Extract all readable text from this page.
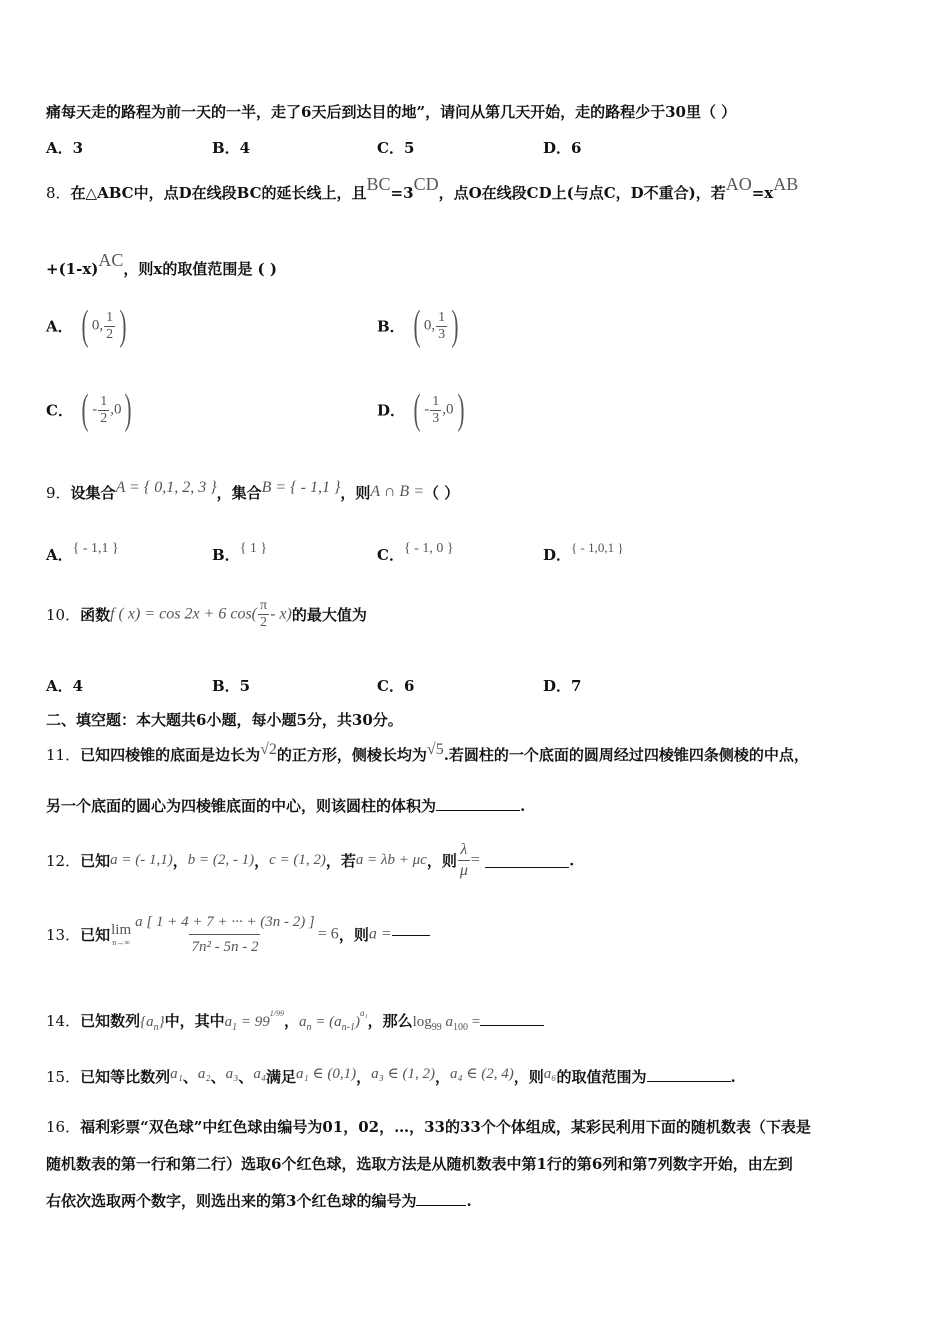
痛每天走的路程为前一天的一半，走了6天后到达目的地”，请问从第几天开始，走的路程少于30里（ ）
A．3	B．4	C．5	D．6
8．在△ABC中，点D在线段BC的延长线上，且BC=3CD，点O在线段CD上(与点C，D不重合)，若AO=xAB
+(1-x)AC，则x的取值范围是 ( )
A． ( 0, $\frac{1}{2}$ )	B． ( 0, $\frac{1}{3}$ )
C． ( - $\frac{1}{2} ,0$)	D． ( - $\frac{1}{3} ,0$)
9．设集合A = { 0,1, 2, 3 }，集合B = { - 1,1 }，则A ∩ B =（ ）
A．{ - 1,1 }	B．{ 1 }	C．{ - 1, 0 }	D．{ - 1,0,1 }
10．函数f ( x) = cos 2x + 6 $\cos( \frac{\pi}{2} - x)$的最大值为
A．4	B．5	C．6	D．7
二、填空题：本大题共6小题，每小题5分，共30分。
11．已知四棱锥的底面是边长为√2的正方形，侧棱长均为√5.若圆柱的一个底面的圆周经过四棱锥四条侧棱的中点，
另一个底面的圆心为四棱锥底面的中心，则该圆柱的体积为	.
12．已知a = (- 1,1)，b = (2, - 1)，c = (1, 2)，若a = λb + μc，则 $\frac{\lambda}{\mu}$ =	.
13．已知 lim
$n\to\infty \frac{a [ 1 + 4 + 7 + \cdot\cdot\cdot + (3n - 2) ]}{\text{7n² - 5n - 2}} = 6$，则a =
14．已知数列$\{a_n\}$中，其中$a_1 = 99^{1/99}$，$a_n = (a_{n-1})^{a_1}$，那么$\log_{99} a_{100}$ =
15．已知等比数列a₁、a₂、a₃、a₄满足a₁ ∈ (0,1)，a₃ ∈ (1, 2)，a₄ ∈ (2, 4)，则a₆的取值范围为	.
16．福利彩票“双色球”中红色球由编号为01，02，…，33的33个个体组成，某彩民利用下面的随机数表（下表是
随机数表的第一行和第二行）选取6个红色球，选取方法是从随机数表中第1行的第6列和第7列数字开始，由左到
右依次选取两个数字，则选出来的第3个红色球的编号为	.
